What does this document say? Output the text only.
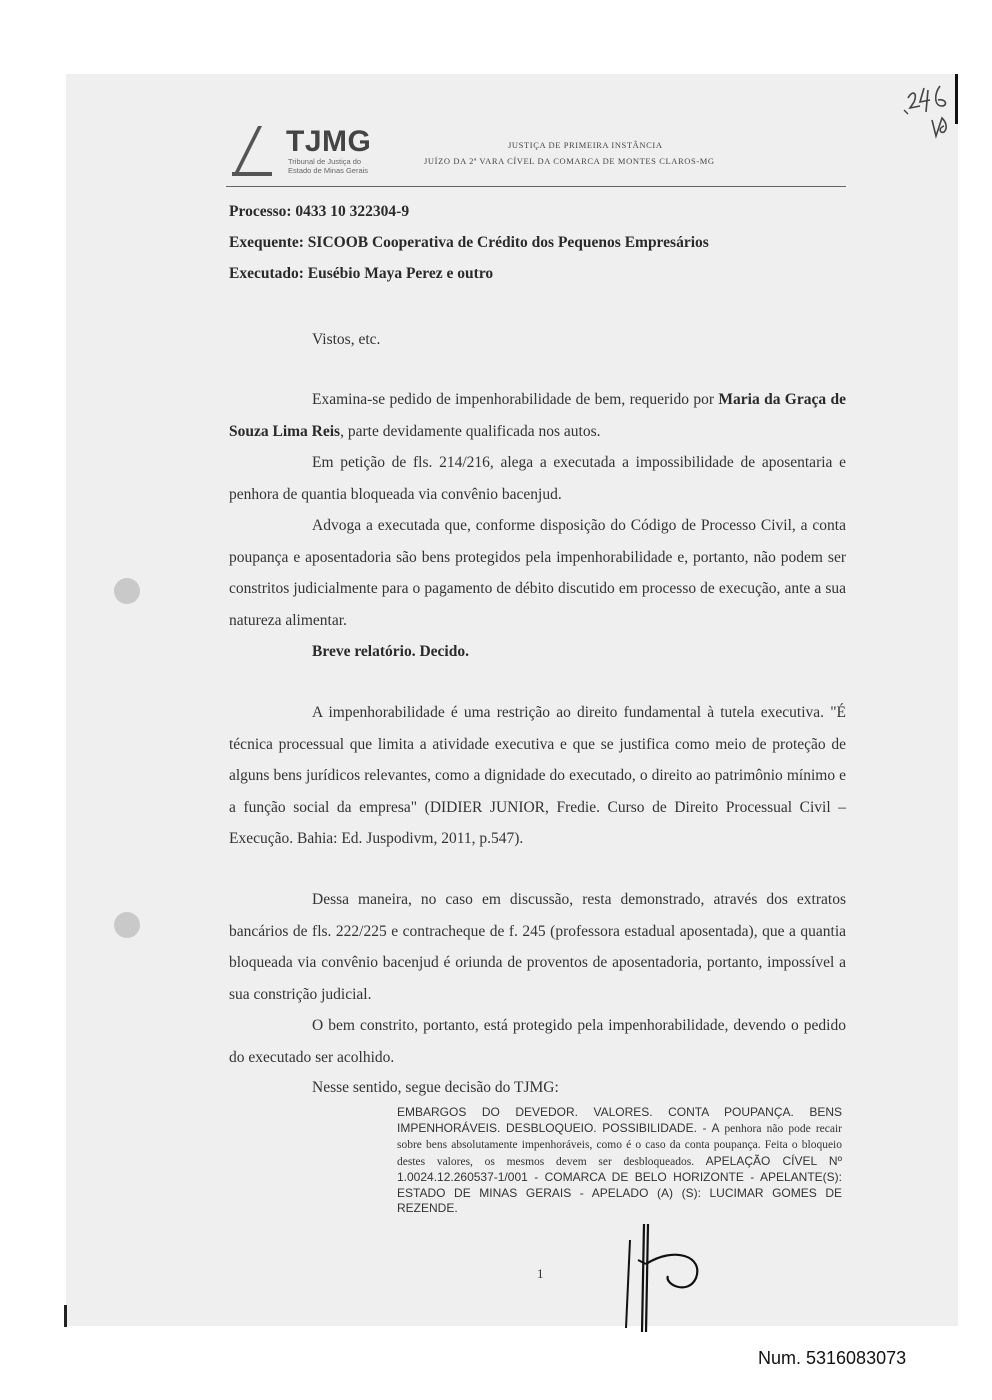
TJMG
Tribunal de Justiça do
Estado de Minas Gerais
JUSTIÇA DE PRIMEIRA INSTÂNCIA
JUÍZO DA 2ª VARA CÍVEL DA COMARCA DE MONTES CLAROS-MG
Processo: 0433 10 322304-9
Exequente: SICOOB Cooperativa de Crédito dos Pequenos Empresários
Executado: Eusébio Maya Perez e outro
Vistos, etc.
Examina-se pedido de impenhorabilidade de bem, requerido por Maria da Graça de Souza Lima Reis, parte devidamente qualificada nos autos.
Em petição de fls. 214/216, alega a executada a impossibilidade de aposentaria e penhora de quantia bloqueada via convênio bacenjud.
Advoga a executada que, conforme disposição do Código de Processo Civil, a conta poupança e aposentadoria são bens protegidos pela impenhorabilidade e, portanto, não podem ser constritos judicialmente para o pagamento de débito discutido em processo de execução, ante a sua natureza alimentar.
Breve relatório. Decido.
A impenhorabilidade é uma restrição ao direito fundamental à tutela executiva. "É técnica processual que limita a atividade executiva e que se justifica como meio de proteção de alguns bens jurídicos relevantes, como a dignidade do executado, o direito ao patrimônio mínimo e a função social da empresa" (DIDIER JUNIOR, Fredie. Curso de Direito Processual Civil – Execução. Bahia: Ed. Juspodivm, 2011, p.547).
Dessa maneira, no caso em discussão, resta demonstrado, através dos extratos bancários de fls. 222/225 e contracheque de f. 245 (professora estadual aposentada), que a quantia bloqueada via convênio bacenjud é oriunda de proventos de aposentadoria, portanto, impossível a sua constrição judicial.
O bem constrito, portanto, está protegido pela impenhorabilidade, devendo o pedido do executado ser acolhido.
Nesse sentido, segue decisão do TJMG:
EMBARGOS DO DEVEDOR. VALORES. CONTA POUPANÇA. BENS IMPENHORÁVEIS. DESBLOQUEIO. POSSIBILIDADE. - A penhora não pode recair sobre bens absolutamente impenhoráveis, como é o caso da conta poupança. Feita o bloqueio destes valores, os mesmos devem ser desbloqueados. APELAÇÃO CÍVEL Nº 1.0024.12.260537-1/001 - COMARCA DE BELO HORIZONTE - APELANTE(S): ESTADO DE MINAS GERAIS - APELADO (A) (S): LUCIMAR GOMES DE REZENDE.
1
Num. 5316083073
